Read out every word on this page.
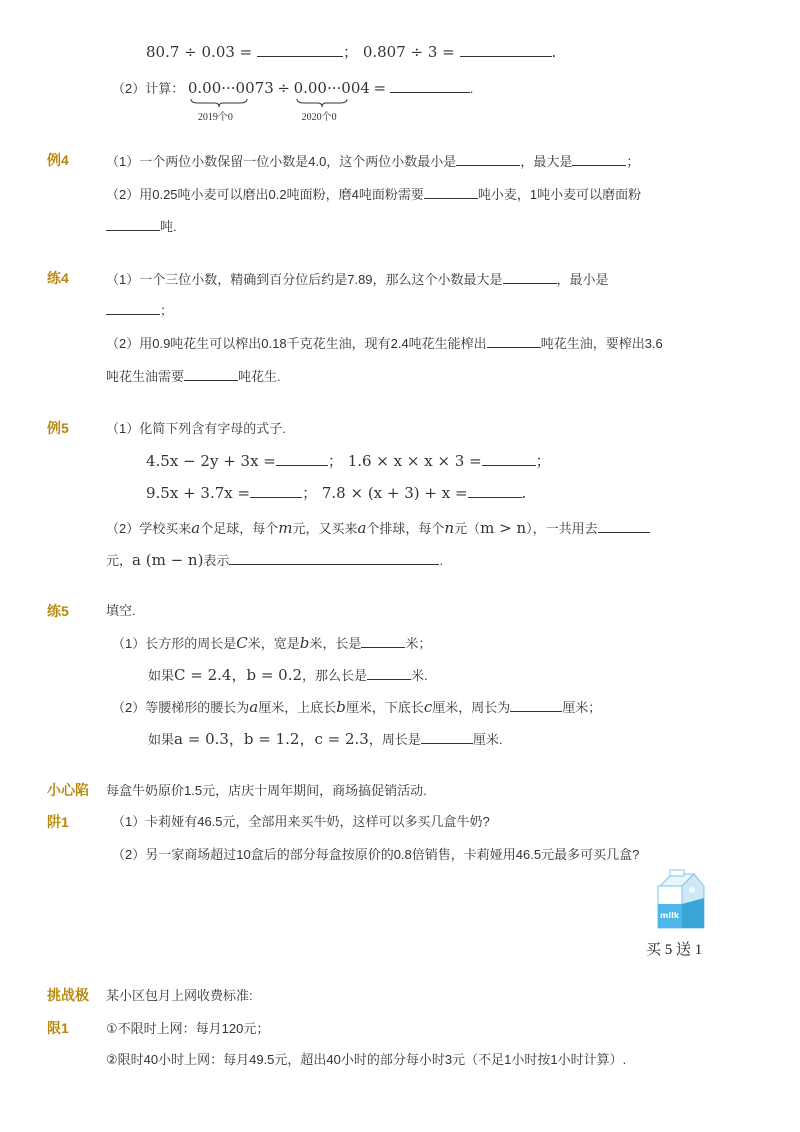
80.7 ÷ 0.03 =	； 0.807 ÷ 3 =	.
（2）计算： 0.00···0073
2019个0
÷ 0.00···004
2020个0
=	.
例4	（1）一个两位小数保留一位小数是4.0，这个两位小数最小是	，最大是	；
（2）用0.25吨小麦可以磨出0.2吨面粉，磨4吨面粉需要	吨小麦，1吨小麦可以磨面粉
吨.
练4	（1）一个三位小数，精确到百分位后约是7.89，那么这个小数最大是	，最小是
；
（2）用0.9吨花生可以榨出0.18千克花生油，现有2.4吨花生能榨出	吨花生油，要榨出3.6
吨花生油需要	吨花生.
例5	（1）化简下列含有字母的式子.
4.5x − 2y + 3x =	； 1.6 × x × x × 3 =	；
9.5x + 3.7x =	； 7.8 × (x + 3) + x =	.
（2）学校买来a个足球，每个m元，又买来a个排球，每个n元（m > n），一共用去
元，a (m − n)表示	.
练5	填空.
（1）长方形的周长是C米，宽是b米，长是	米；
如果C = 2.4，b = 0.2，那么长是	米.
（2）等腰梯形的腰长为a厘米，上底长b厘米，下底长c厘米，周长为	厘米；
如果a = 0.3，b = 1.2，c = 2.3，周长是	厘米.
小心陷
阱1
每盒牛奶原价1.5元，店庆十周年期间，商场搞促销活动.
（1）卡莉娅有46.5元，全部用来买牛奶，这样可以多买几盒牛奶?
（2）另一家商场超过10盒后的部分每盒按原价的0.8倍销售，卡莉娅用46.5元最多可买几盒?
milk
买 5 送 1
挑战极
限1
某小区包月上网收费标准:
①不限时上网：每月120元；
②限时40小时上网：每月49.5元，超出40小时的部分每小时3元（不足1小时按1小时计算）.
